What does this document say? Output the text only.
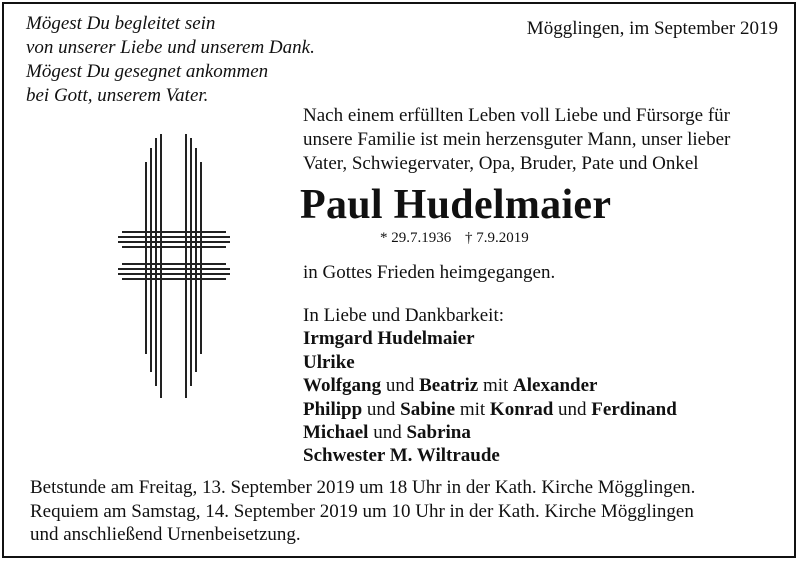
Mögest Du begleitet sein
von unserer Liebe und unserem Dank.
Mögest Du gesegnet ankommen
bei Gott, unserem Vater.
Mögglingen, im September 2019
Nach einem erfüllten Leben voll Liebe und Fürsorge für
unsere Familie ist mein herzensguter Mann, unser lieber
Vater, Schwiegervater, Opa, Bruder, Pate und Onkel
Paul Hudelmaier
* 29.7.1936 † 7.9.2019
in Gottes Frieden heimgegangen.
In Liebe und Dankbarkeit:
Irmgard Hudelmaier
Ulrike
Wolfgang und Beatriz mit Alexander
Philipp und Sabine mit Konrad und Ferdinand
Michael und Sabrina
Schwester M. Wiltraude
Betstunde am Freitag, 13. September 2019 um 18 Uhr in der Kath. Kirche Mögglingen.
Requiem am Samstag, 14. September 2019 um 10 Uhr in der Kath. Kirche Mögglingen
und anschließend Urnenbeisetzung.
